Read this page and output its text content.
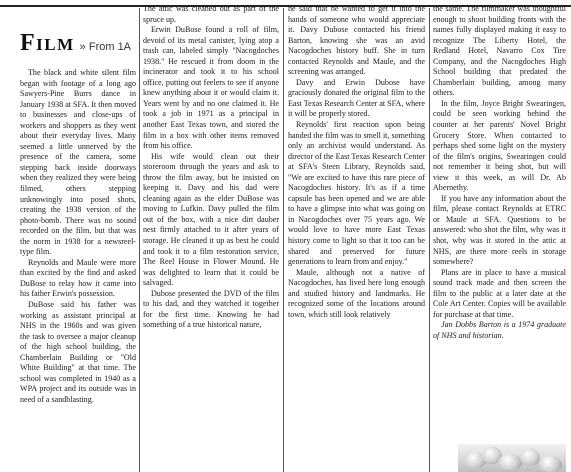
The black and white silent film began with footage of a long ago Sawyers-Pine Burrs dance in January 1938 at SFA. It then moved to businesses and close-ups of workers and shoppers as they went about their everyday lives. Many seemed a little unnerved by the presence of the camera, some stepping back inside doorways when they realized they were being filmed, others stepping unknowingly into posed shots, creating the 1938 version of the photo-bomb. There was no sound recorded on the film, but that was the norm in 1938 for a newsreel-type film.

Reynolds and Maule were more than excited by the find and asked DuBose to relay how it came into his father Erwin's possession.

DuBose said his father was working as assistant principal at NHS in the 1960s and was given the task to oversee a major cleanup of the high school building, the Chamberlain Building or "Old White Building" at that time. The school was completed in 1940 as a WPA project and its outside was in need of a sandblasting.

Film » From 1A

The attic was cleaned out as part of the spruce up.

Erwin DuBose found a roll of film, devoid of its metal canister, lying atop a trash can, labeled simply "Nacogdoches 1938." He rescued it from doom in the incinerator and took it to his school office, putting out feelers to see if anyone knew anything about it or would claim it. Years went by and no one claimed it. He took a job in 1971 as a principal in another East Texas town, and stored the film in a box with other items removed from his office.

His wife would clean out their storeroom through the years and ask to throw the film away, but he insisted on keeping it. Davy and his dad were cleaning again as the elder DuBose was moving to Lufkin. Davy pulled the film out of the box, with a nice dirt dauber nest firmly attached to it after years of storage. He cleaned it up as best he could and took it to a film restoration service, The Reel House in Flower Mound. He was delighted to learn that it could be salvaged.

Dubose presented the DVD of the film to his dad, and they watched it together for the first time. Knowing he had something of a true historical nature,

he said that he wanted to get it into the hands of someone who would appreciate it. Davy Dubose contacted his friend Barton, knowing she was an avid Nacogdoches history buff. She in turn contacted Reynolds and Maule, and the screening was arranged.

Davy and Erwin Dubose have graciously donated the original film to the East Texas Research Center at SFA, where it will be properly stored.

Reynolds' first reaction upon being handed the film was to smell it, something only an archivist would understand. As director of the East Texas Research Center at SFA's Steen Library, Reynolds said, "We are excited to have this rare piece of Nacogdoches history. It's as if a time capsule has been opened and we are able to have a glimpse into what was going on in Nacogdoches over 75 years ago. We would love to have more East Texas history come to light so that it too can be shared and preserved for future generations to learn from and enjoy."

Maule, although not a native of Nacogdoches, has lived here long enough and studied history and landmarks. He recognized some of the locations around town, which still look relatively

the same. The filmmaker was thoughtful enough to shoot building fronts with the names fully displayed making it easy to recognize The Liberty Hotel, the Redland Hotel, Navarro Cox Tire Company, and the Nacogdoches High School building that predated the Chamberlain building, among many others.

In the film, Joyce Bright Swearingen, could be seen working behind the counter at her parents' Novel Bright Grocery Store. When contacted to perhaps shed some light on the mystery of the film's origins, Swearingen could not remember it being shot, but will view it this week, as will Dr. Ab Abernethy.

If you have any information about the film, please contact Reynolds at ETRC or Maule at SFA. Questions to be answered: who shot the film, why was it shot, why was it stored in the attic at NHS, are there more reels in storage somewhere?

Plans are in place to have a musical sound track made and then screen the film to the public at a later date at the Cole Art Center. Copies will be available for purchase at that time.

Jan Dobbs Barton is a 1974 graduate of NHS and historian.
